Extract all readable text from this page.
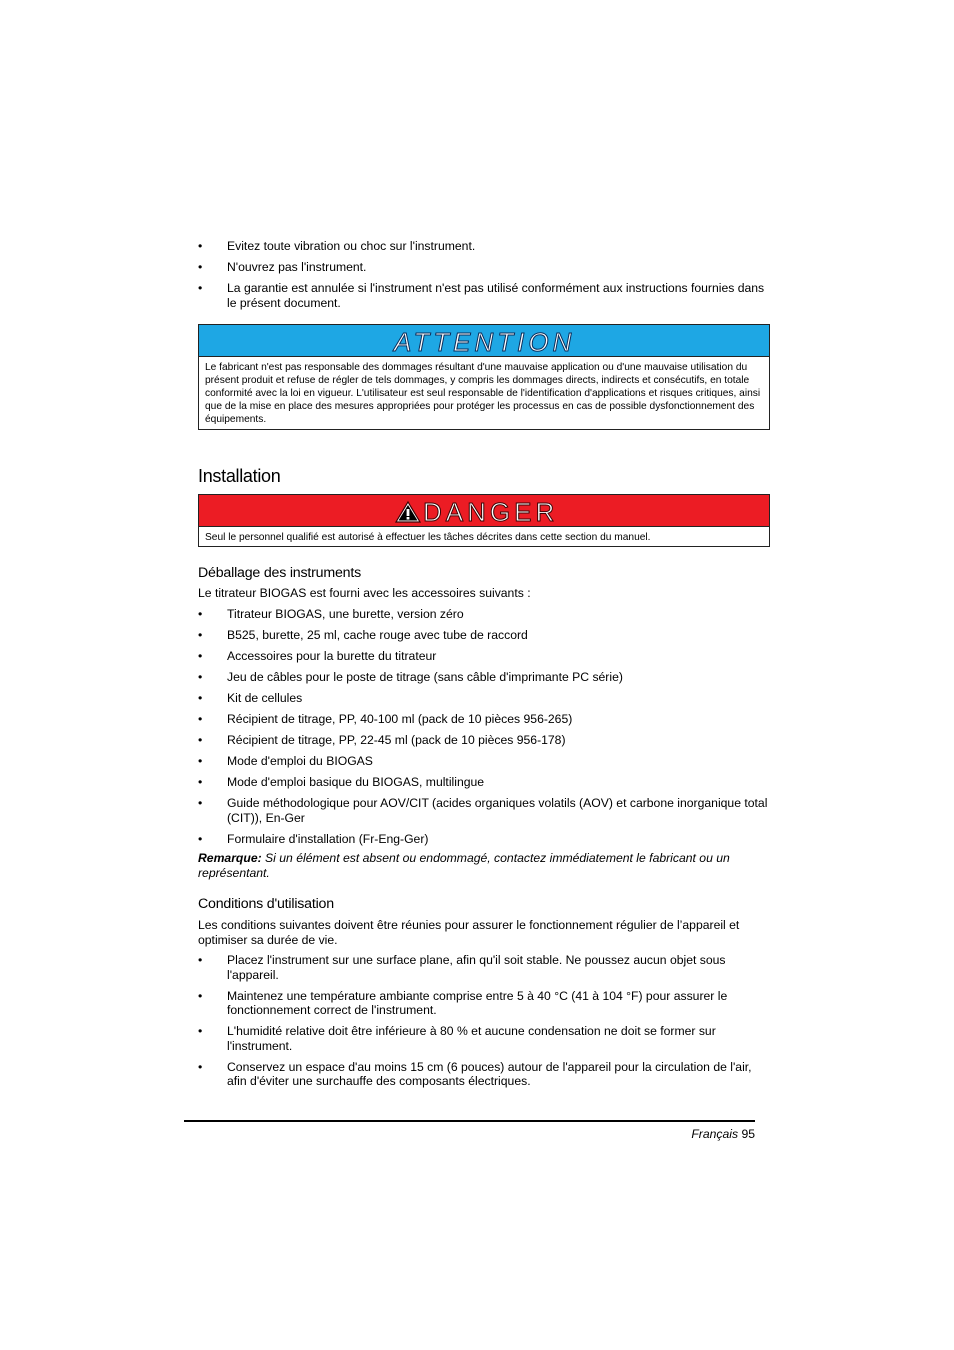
• Evitez toute vibration ou choc sur l'instrument.
• N'ouvrez pas l'instrument.
• La garantie est annulée si l'instrument n'est pas utilisé conformément aux instructions fournies dans le présent document.
ATTENTION
Le fabricant n'est pas responsable des dommages résultant d'une mauvaise application ou d'une mauvaise utilisation du présent produit et refuse de régler de tels dommages, y compris les dommages directs, indirects et consécutifs, en totale conformité avec la loi en vigueur. L'utilisateur est seul responsable de l'identification d'applications et risques critiques, ainsi que de la mise en place des mesures appropriées pour protéger les processus en cas de possible dysfonctionnement des équipements.
Installation
DANGER
Seul le personnel qualifié est autorisé à effectuer les tâches décrites dans cette section du manuel.
Déballage des instruments
Le titrateur BIOGAS est fourni avec les accessoires suivants :
• Titrateur BIOGAS, une burette, version zéro
• B525, burette, 25 ml, cache rouge avec tube de raccord
• Accessoires pour la burette du titrateur
• Jeu de câbles pour le poste de titrage (sans câble d'imprimante PC série)
• Kit de cellules
• Récipient de titrage, PP, 40-100 ml (pack de 10 pièces 956-265)
• Récipient de titrage, PP, 22-45 ml (pack de 10 pièces 956-178)
• Mode d'emploi du BIOGAS
• Mode d'emploi basique du BIOGAS, multilingue
• Guide méthodologique pour AOV/CIT (acides organiques volatils (AOV) et carbone inorganique total (CIT)), En-Ger
• Formulaire d'installation (Fr-Eng-Ger)
Remarque: Si un élément est absent ou endommagé, contactez immédiatement le fabricant ou un représentant.
Conditions d'utilisation
Les conditions suivantes doivent être réunies pour assurer le fonctionnement régulier de l’appareil et optimiser sa durée de vie.
• Placez l'instrument sur une surface plane, afin qu'il soit stable. Ne poussez aucun objet sous l'appareil.
• Maintenez une température ambiante comprise entre 5 à 40 °C (41 à 104 °F) pour assurer le fonctionnement correct de l'instrument.
• L'humidité relative doit être inférieure à 80 % et aucune condensation ne doit se former sur l'instrument.
• Conservez un espace d'au moins 15 cm (6 pouces) autour de l'appareil pour la circulation de l'air, afin d'éviter une surchauffe des composants électriques.
Français 95
